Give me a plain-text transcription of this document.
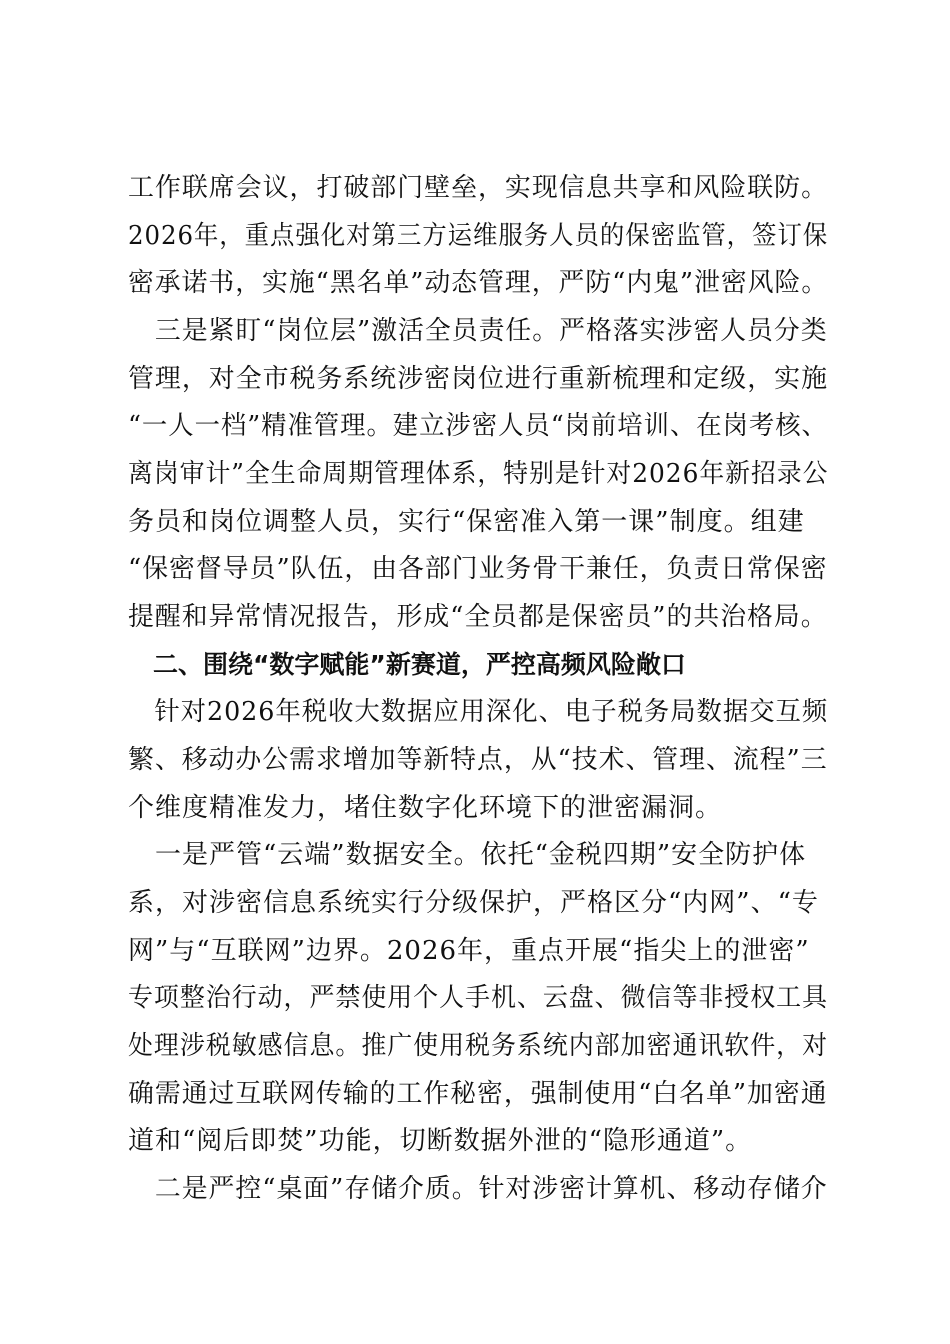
工作联席会议，打破部门壁垒，实现信息共享和风险联防。
2026年，重点强化对第三方运维服务人员的保密监管，签订保
密承诺书，实施“黑名单”动态管理，严防“内鬼”泄密风险。
　三是紧盯“岗位层”激活全员责任。严格落实涉密人员分类
管理，对全市税务系统涉密岗位进行重新梳理和定级，实施
“一人一档”精准管理。建立涉密人员“岗前培训、在岗考核、
离岗审计”全生命周期管理体系，特别是针对2026年新招录公
务员和岗位调整人员，实行“保密准入第一课”制度。组建
“保密督导员”队伍，由各部门业务骨干兼任，负责日常保密
提醒和异常情况报告，形成“全员都是保密员”的共治格局。
　二、围绕“数字赋能”新赛道，严控高频风险敞口
　针对2026年税收大数据应用深化、电子税务局数据交互频
繁、移动办公需求增加等新特点，从“技术、管理、流程”三
个维度精准发力，堵住数字化环境下的泄密漏洞。
　一是严管“云端”数据安全。依托“金税四期”安全防护体
系，对涉密信息系统实行分级保护，严格区分“内网”、“专
网”与“互联网”边界。2026年，重点开展“指尖上的泄密”
专项整治行动，严禁使用个人手机、云盘、微信等非授权工具
处理涉税敏感信息。推广使用税务系统内部加密通讯软件，对
确需通过互联网传输的工作秘密，强制使用“白名单”加密通
道和“阅后即焚”功能，切断数据外泄的“隐形通道”。
　二是严控“桌面”存储介质。针对涉密计算机、移动存储介
